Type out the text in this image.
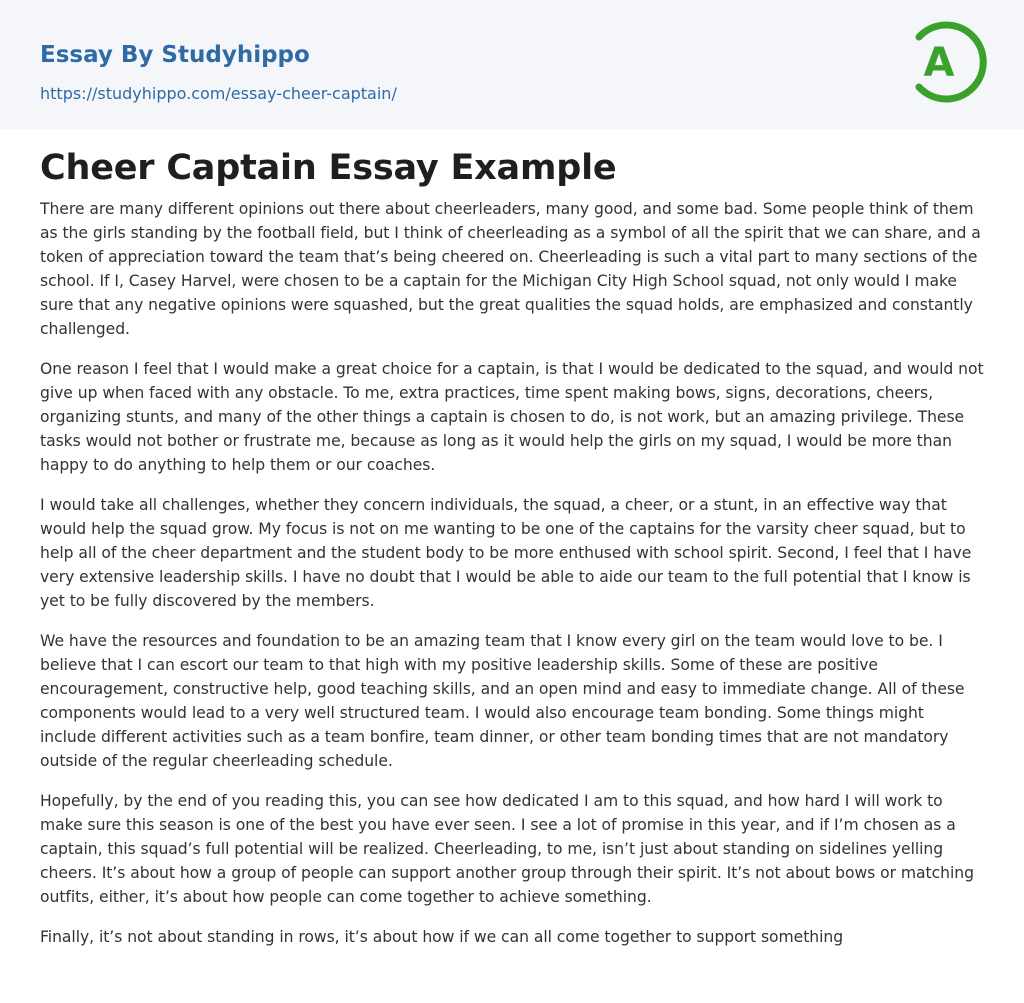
Essay By Studyhippo
https://studyhippo.com/essay-cheer-captain/
A
Cheer Captain Essay Example

There are many different opinions out there about cheerleaders, many good, and some bad. Some people think of them as the girls standing by the football field, but I think of cheerleading as a symbol of all the spirit that we can share, and a token of appreciation toward the team that’s being cheered on. Cheerleading is such a vital part to many sections of the school. If I, Casey Harvel, were chosen to be a captain for the Michigan City High School squad, not only would I make sure that any negative opinions were squashed, but the great qualities the squad holds, are emphasized and constantly challenged.

One reason I feel that I would make a great choice for a captain, is that I would be dedicated to the squad, and would not give up when faced with any obstacle. To me, extra practices, time spent making bows, signs, decorations, cheers, organizing stunts, and many of the other things a captain is chosen to do, is not work, but an amazing privilege. These tasks would not bother or frustrate me, because as long as it would help the girls on my squad, I would be more than happy to do anything to help them or our coaches.

I would take all challenges, whether they concern individuals, the squad, a cheer, or a stunt, in an effective way that would help the squad grow. My focus is not on me wanting to be one of the captains for the varsity cheer squad, but to help all of the cheer department and the student body to be more enthused with school spirit. Second, I feel that I have very extensive leadership skills. I have no doubt that I would be able to aide our team to the full potential that I know is yet to be fully discovered by the members.

We have the resources and foundation to be an amazing team that I know every girl on the team would love to be. I believe that I can escort our team to that high with my positive leadership skills. Some of these are positive encouragement, constructive help, good teaching skills, and an open mind and easy to immediate change. All of these components would lead to a very well structured team. I would also encourage team bonding. Some things might include different activities such as a team bonfire, team dinner, or other team bonding times that are not mandatory outside of the regular cheerleading schedule.

Hopefully, by the end of you reading this, you can see how dedicated I am to this squad, and how hard I will work to make sure this season is one of the best you have ever seen. I see a lot of promise in this year, and if I’m chosen as a captain, this squad’s full potential will be realized. Cheerleading, to me, isn’t just about standing on sidelines yelling cheers. It’s about how a group of people can support another group through their spirit. It’s not about bows or matching outfits, either, it’s about how people can come together to achieve something.

Finally, it’s not about standing in rows, it’s about how if we can all come together to support something
